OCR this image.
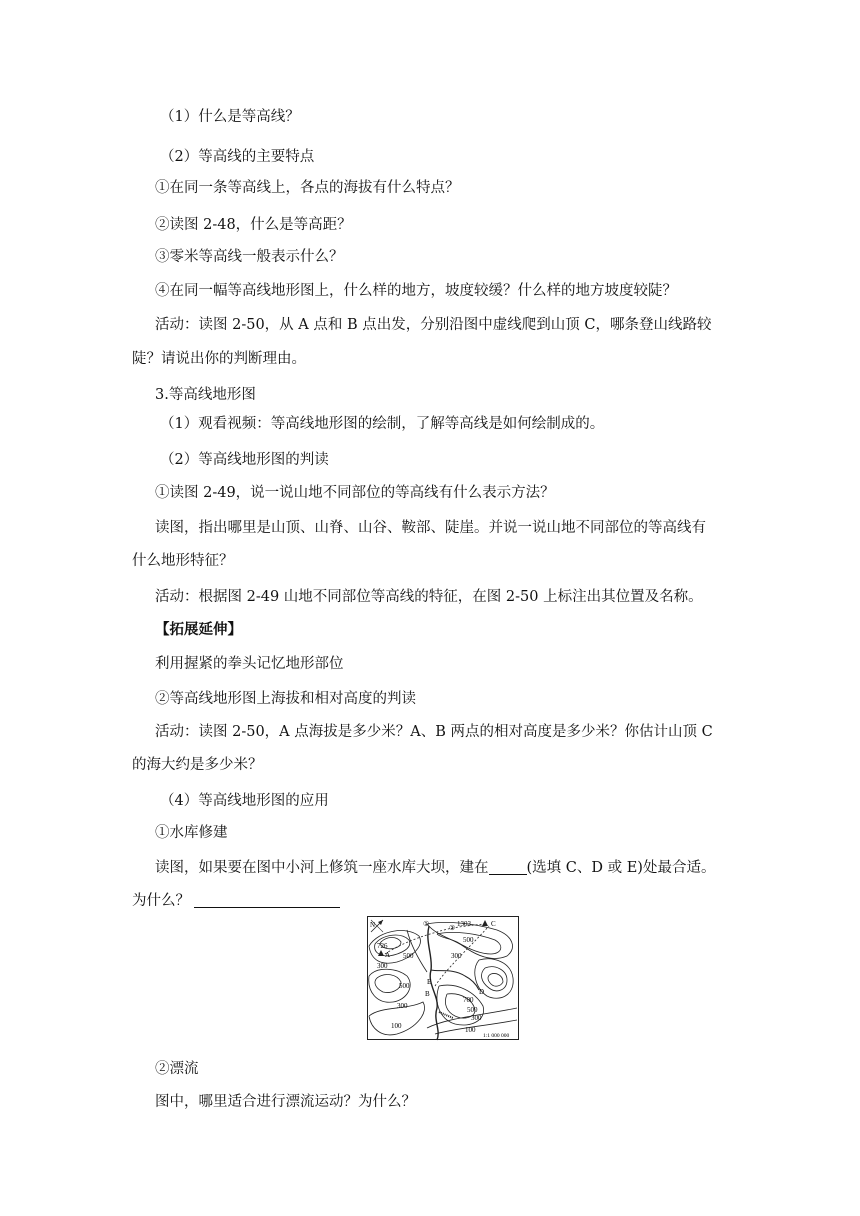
（1）什么是等高线？
（2）等高线的主要特点
①在同一条等高线上，各点的海拔有什么特点？
②读图 2-48，什么是等高距？
③零米等高线一般表示什么？
④在同一幅等高线地形图上，什么样的地方，坡度较缓？什么样的地方坡度较陡？
活动：读图 2-50，从 A 点和 B 点出发，分别沿图中虚线爬到山顶 C，哪条登山线路较
陡？请说出你的判断理由。
3.等高线地形图
（1）观看视频：等高线地形图的绘制，了解等高线是如何绘制成的。
（2）等高线地形图的判读
①读图 2-49，说一说山地不同部位的等高线有什么表示方法？
读图，指出哪里是山顶、山脊、山谷、鞍部、陡崖。并说一说山地不同部位的等高线有
什么地形特征？
活动：根据图 2-49 山地不同部位等高线的特征，在图 2-50 上标注出其位置及名称。
【拓展延伸】
利用握紧的拳头记忆地形部位
②等高线地形图上海拔和相对高度的判读
活动：读图 2-50，A 点海拔是多少米？A、B 两点的相对高度是多少米？你估计山顶 C
的海大约是多少米？
（4）等高线地形图的应用
①水库修建
读图，如果要在图中小河上修筑一座水库大坝，建在	(选填 C、D 或 E)处最合适。
为什么？
N
726
A
B
C
D
E
1303
①	②
500
300
500
300
500
300
100
700
500
300
100
1:1 000 000
②漂流
图中，哪里适合进行漂流运动？为什么？
